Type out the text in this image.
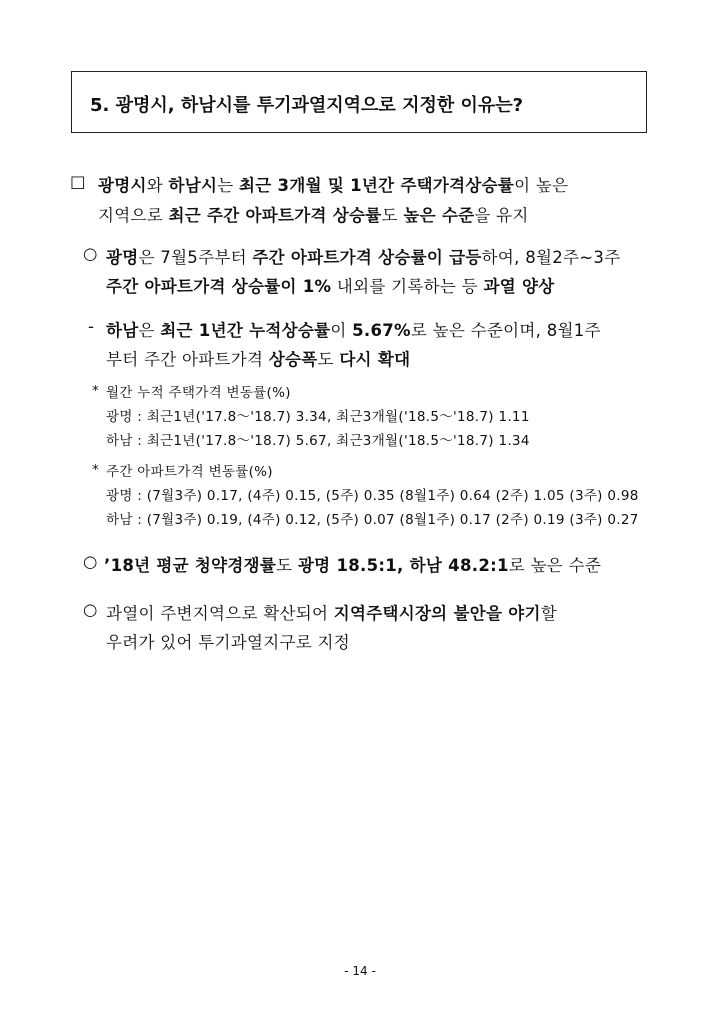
5. 광명시, 하남시를 투기과열지역으로 지정한 이유는?
□ 광명시와 하남시는 최근 3개월 및 1년간 주택가격상승률이 높은
지역으로 최근 주간 아파트가격 상승률도 높은 수준을 유지
○ 광명은 7월5주부터 주간 아파트가격 상승률이 급등하여, 8월2주~3주
주간 아파트가격 상승률이 1% 내외를 기록하는 등 과열 양상
- 하남은 최근 1년간 누적상승률이 5.67%로 높은 수준이며, 8월1주
부터 주간 아파트가격 상승폭도 다시 확대
* 월간 누적 주택가격 변동률(%)
광명 : 최근1년('17.8～'18.7) 3.34, 최근3개월('18.5～'18.7) 1.11
하남 : 최근1년('17.8～'18.7) 5.67, 최근3개월('18.5～'18.7) 1.34
* 주간 아파트가격 변동률(%)
광명 : (7월3주) 0.17, (4주) 0.15, (5주) 0.35 (8월1주) 0.64 (2주) 1.05 (3주) 0.98
하남 : (7월3주) 0.19, (4주) 0.12, (5주) 0.07 (8월1주) 0.17 (2주) 0.19 (3주) 0.27
○ ’18년 평균 청약경쟁률도 광명 18.5:1, 하남 48.2:1로 높은 수준
○ 과열이 주변지역으로 확산되어 지역주택시장의 불안을 야기할
우려가 있어 투기과열지구로 지정
- 14 -
